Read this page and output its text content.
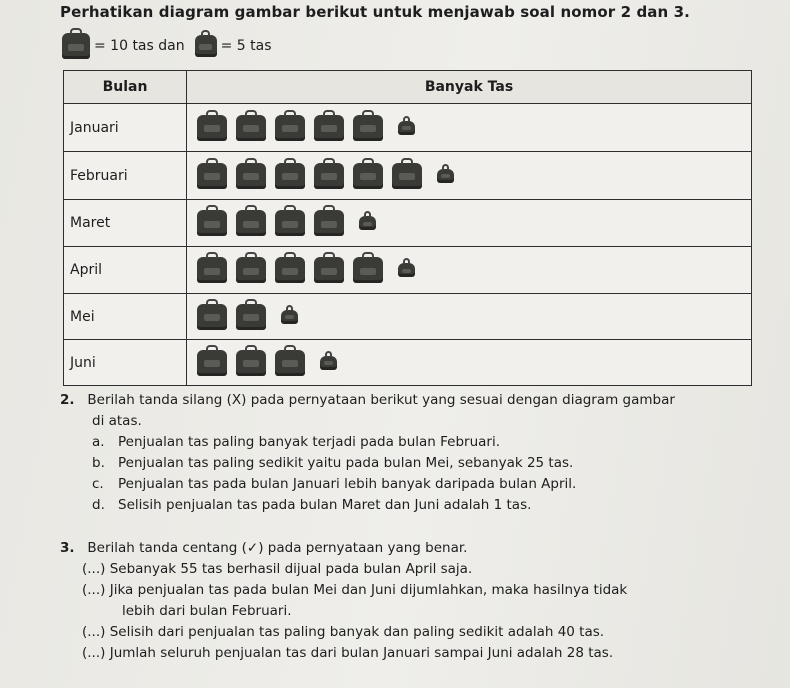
Perhatikan diagram gambar berikut untuk menjawab soal nomor 2 dan 3.
= 10 tas dan	= 5 tas
Bulan	Banyak Tas
Januari	
Februari	
Maret	
April	
Mei	
Juni	
2. Berilah tanda silang (X) pada pernyataan berikut yang sesuai dengan diagram gambar
di atas.
a. Penjualan tas paling banyak terjadi pada bulan Februari.
b. Penjualan tas paling sedikit yaitu pada bulan Mei, sebanyak 25 tas.
c.	Penjualan tas pada bulan Januari lebih banyak daripada bulan April.
d. Selisih penjualan tas pada bulan Maret dan Juni adalah 1 tas.
3. Berilah tanda centang (✓) pada pernyataan yang benar.
(...) Sebanyak 55 tas berhasil dijual pada bulan April saja.
(...) Jika penjualan tas pada bulan Mei dan Juni dijumlahkan, maka hasilnya tidak
lebih dari bulan Februari.
(...) Selisih dari penjualan tas paling banyak dan paling sedikit adalah 40 tas.
(...) Jumlah seluruh penjualan tas dari bulan Januari sampai Juni adalah 28 tas.
